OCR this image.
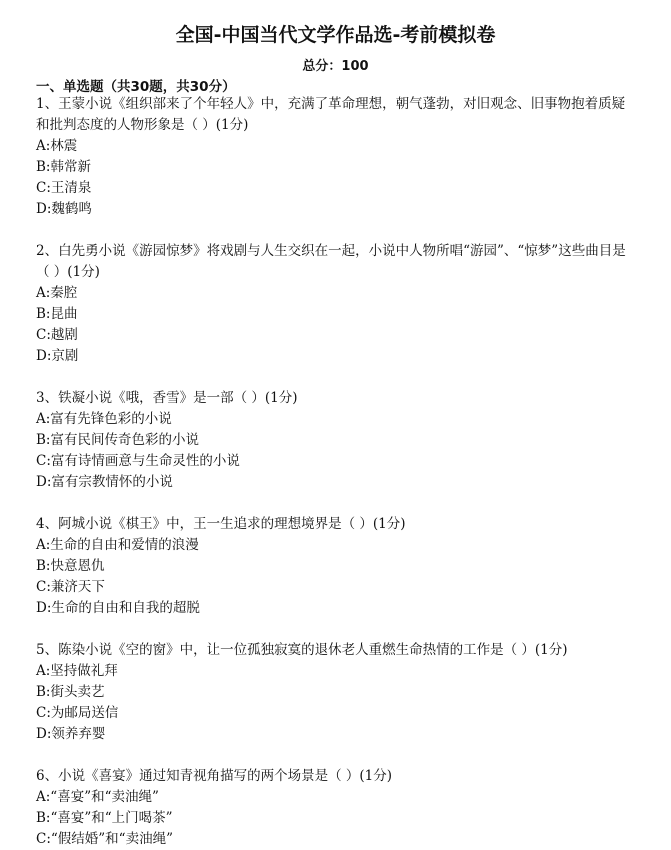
全国-中国当代文学作品选-考前模拟卷
总分：100
一、单选题（共30题，共30分）
1、王蒙小说《组织部来了个年轻人》中，充满了革命理想，朝气蓬勃，对旧观念、旧事物抱着质疑和批判态度的人物形象是（ ）(1分)
A:林震
B:韩常新
C:王清泉
D:魏鹤鸣
2、白先勇小说《游园惊梦》将戏剧与人生交织在一起，小说中人物所唱“游园”、“惊梦”这些曲目是（ ）(1分)
A:秦腔
B:昆曲
C:越剧
D:京剧
3、铁凝小说《哦，香雪》是一部（ ）(1分)
A:富有先锋色彩的小说
B:富有民间传奇色彩的小说
C:富有诗情画意与生命灵性的小说
D:富有宗教情怀的小说
4、阿城小说《棋王》中，王一生追求的理想境界是（ ）(1分)
A:生命的自由和爱情的浪漫
B:快意恩仇
C:兼济天下
D:生命的自由和自我的超脱
5、陈染小说《空的窗》中，让一位孤独寂寞的退休老人重燃生命热情的工作是（ ）(1分)
A:坚持做礼拜
B:街头卖艺
C:为邮局送信
D:领养弃婴
6、小说《喜宴》通过知青视角描写的两个场景是（ ）(1分)
A:“喜宴”和“卖油绳”
B:“喜宴”和“上门喝茶”
C:“假结婚”和“卖油绳”
